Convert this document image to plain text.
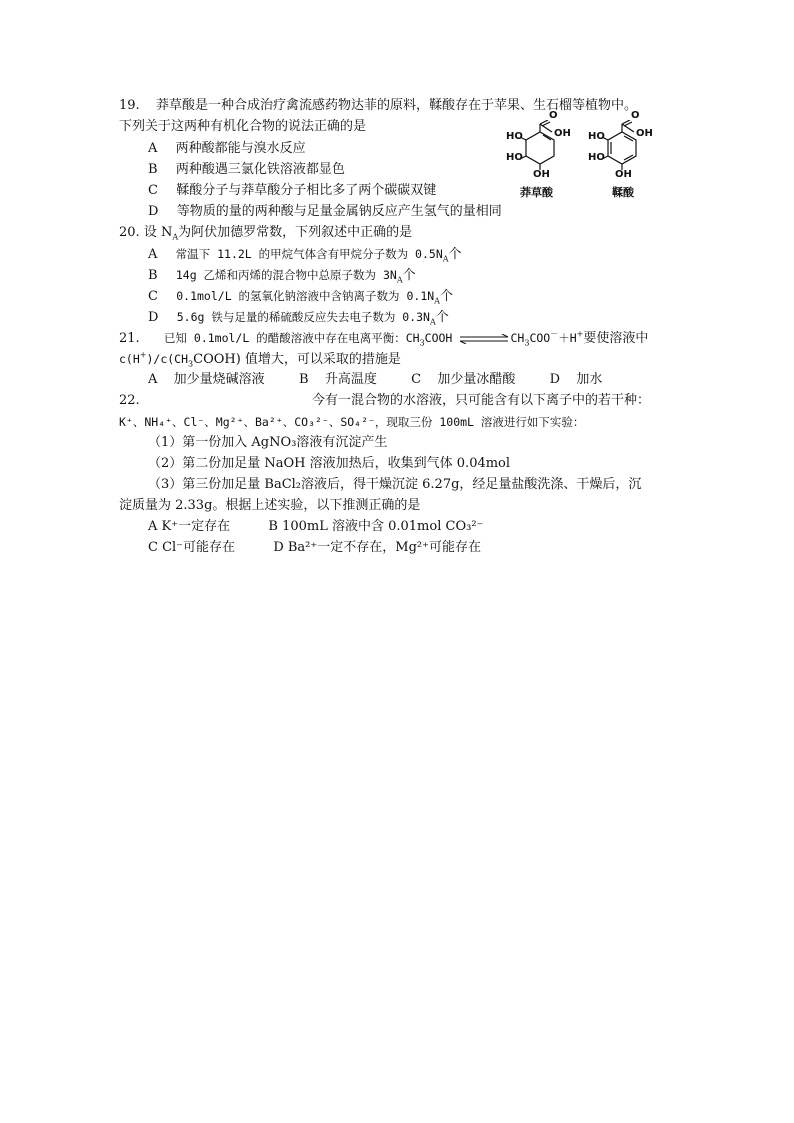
19. 莽草酸是一种合成治疗禽流感药物达菲的原料，鞣酸存在于苹果、生石榴等植物中。
下列关于这两种有机化合物的说法正确的是
A 两种酸都能与溴水反应
B 两种酸遇三氯化铁溶液都显色
C 鞣酸分子与莽草酸分子相比多了两个碳碳双键
D 等物质的量的两种酸与足量金属钠反应产生氢气的量相同
HO
HO
OH
OH
O
HO
HO
OH
OH
O
莽草酸	鞣酸
20. 设 $N_A$为阿伏加德罗常数，下列叙述中正确的是
A 常温下 11.2L 的甲烷气体含有甲烷分子数为 $0.5N_A$个
B 14g 乙烯和丙烯的混合物中总原子数为 $3N_A$个
C 0.1mol/L 的氢氧化钠溶液中含钠离子数为 $0.1N_A$个
D 5.6g 铁与足量的稀硫酸反应失去电子数为 $0.3N_A$个
21. 已知 0.1mol/L 的醋酸溶液中存在电离平衡：$CH_3COOH$ $\rightleftharpoons CH_3COO^-+H^+$要使溶液中
$c(H^+)/c(CH_3COOH)$ 值增大，可以采取的措施是
A 加少量烧碱溶液	B 升高温度	C 加少量冰醋酸	D 加水
22.	今有一混合物的水溶液，只可能含有以下离子中的若干种：
K⁺、NH₄⁺、Cl⁻、Mg²⁺、Ba²⁺、CO₃²⁻、SO₄²⁻，现取三份 100mL 溶液进行如下实验：
（1）第一份加入 AgNO₃溶液有沉淀产生
（2）第二份加足量 NaOH 溶液加热后，收集到气体 0.04mol
（3）第三份加足量 BaCl₂溶液后，得干燥沉淀 6.27g，经足量盐酸洗涤、干燥后，沉
淀质量为 2.33g。根据上述实验，以下推测正确的是
A K⁺一定存在	B 100mL 溶液中含 0.01mol CO₃²⁻
C Cl⁻可能存在	D Ba²⁺一定不存在，Mg²⁺可能存在
